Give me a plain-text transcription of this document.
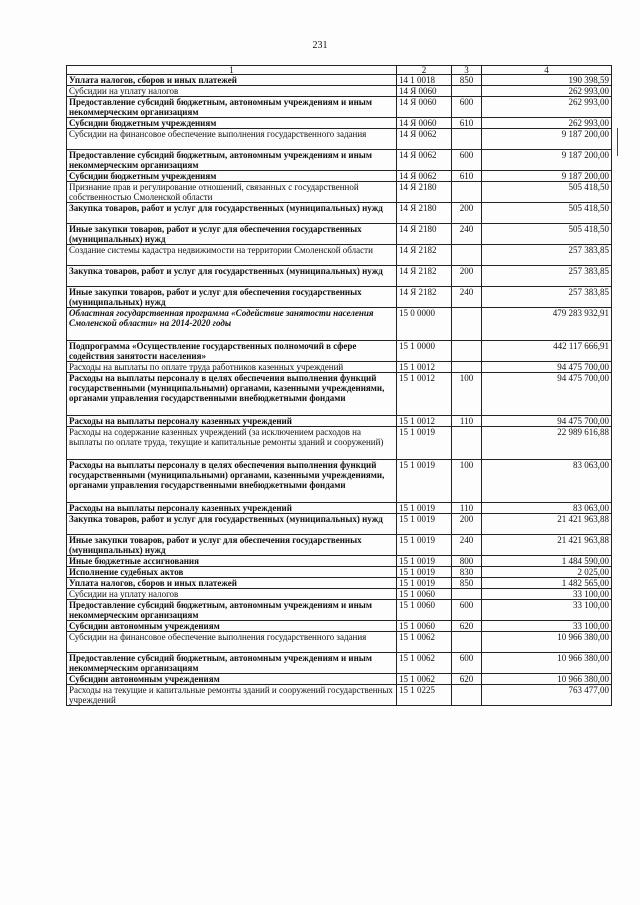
231
1	2	3	4
Уплата налогов, сборов и иных платежей	14 1 0018	850	190 398,59
Субсидии на уплату налогов	14 Я 0060		262 993,00
Предоставление субсидий бюджетным, автономным учреждениям и иным некоммерческим организациям	14 Я 0060	600	262 993,00
Субсидии бюджетным учреждениям	14 Я 0060	610	262 993,00
Субсидии на финансовое обеспечение выполнения государственного задания	14 Я 0062		9 187 200,00
Предоставление субсидий бюджетным, автономным учреждениям и иным некоммерческим организациям	14 Я 0062	600	9 187 200,00
Субсидии бюджетным учреждениям	14 Я 0062	610	9 187 200,00
Признание прав и регулирование отношений, связанных с государственной собственностью Смоленской области	14 Я 2180		505 418,50
Закупка товаров, работ и услуг для государственных (муниципальных) нужд	14 Я 2180	200	505 418,50
Иные закупки товаров, работ и услуг для обеспечения государственных (муниципальных) нужд	14 Я 2180	240	505 418,50
Создание системы кадастра недвижимости на территории Смоленской области	14 Я 2182		257 383,85
Закупка товаров, работ и услуг для государственных (муниципальных) нужд	14 Я 2182	200	257 383,85
Иные закупки товаров, работ и услуг для обеспечения государственных (муниципальных) нужд	14 Я 2182	240	257 383,85
Областная государственная программа «Содействие занятости населения Смоленской области» на 2014-2020 годы	15 0 0000		479 283 932,91
Подпрограмма «Осуществление государственных полномочий в сфере содействия занятости населения»	15 1 0000		442 117 666,91
Расходы на выплаты по оплате труда работников казенных учреждений	15 1 0012		94 475 700,00
Расходы на выплаты персоналу в целях обеспечения выполнения функций государственными (муниципальными) органами, казенными учреждениями, органами управления государственными внебюджетными фондами	15 1 0012	100	94 475 700,00
Расходы на выплаты персоналу казенных учреждений	15 1 0012	110	94 475 700,00
Расходы на содержание казенных учреждений (за исключением расходов на выплаты по оплате труда, текущие и капитальные ремонты зданий и сооружений)	15 1 0019		22 989 616,88
Расходы на выплаты персоналу в целях обеспечения выполнения функций государственными (муниципальными) органами, казенными учреждениями, органами управления государственными внебюджетными фондами	15 1 0019	100	83 063,00
Расходы на выплаты персоналу казенных учреждений	15 1 0019	110	83 063,00
Закупка товаров, работ и услуг для государственных (муниципальных) нужд	15 1 0019	200	21 421 963,88
Иные закупки товаров, работ и услуг для обеспечения государственных (муниципальных) нужд	15 1 0019	240	21 421 963,88
Иные бюджетные ассигнования	15 1 0019	800	1 484 590,00
Исполнение судебных актов	15 1 0019	830	2 025,00
Уплата налогов, сборов и иных платежей	15 1 0019	850	1 482 565,00
Субсидии на уплату налогов	15 1 0060		33 100,00
Предоставление субсидий бюджетным, автономным учреждениям и иным некоммерческим организациям	15 1 0060	600	33 100,00
Субсидии автономным учреждениям	15 1 0060	620	33 100,00
Субсидии на финансовое обеспечение выполнения государственного задания	15 1 0062		10 966 380,00
Предоставление субсидий бюджетным, автономным учреждениям и иным некоммерческим организациям	15 1 0062	600	10 966 380,00
Субсидии автономным учреждениям	15 1 0062	620	10 966 380,00
Расходы на текущие и капитальные ремонты зданий и сооружений государственных учреждений	15 1 0225		763 477,00
